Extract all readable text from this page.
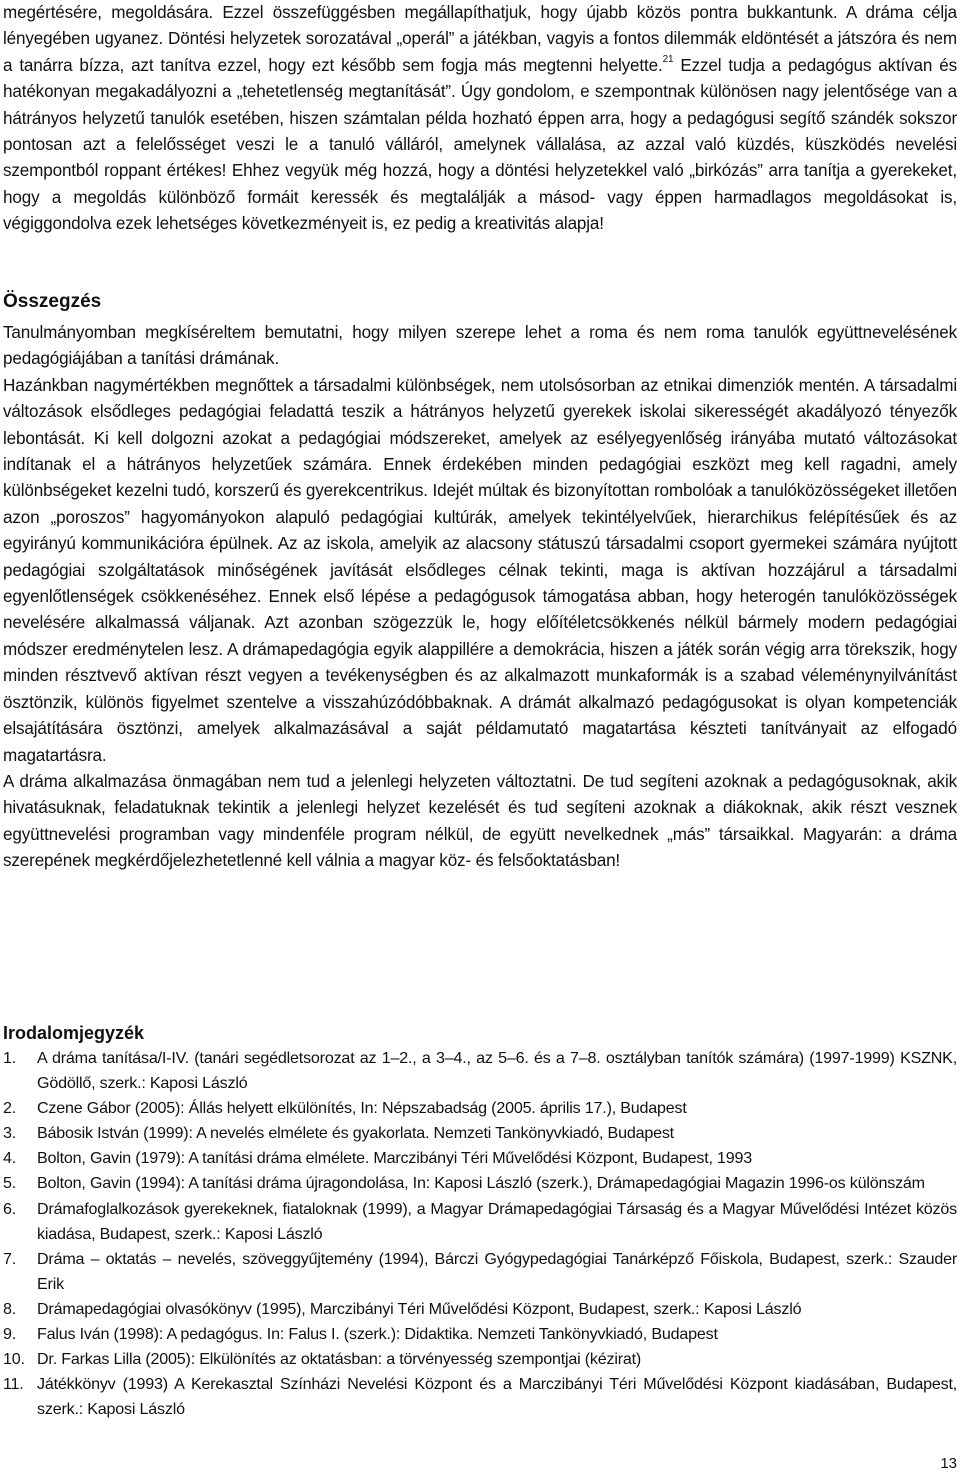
megértésére, megoldására. Ezzel összefüggésben megállapíthatjuk, hogy újabb közös pontra bukkantunk. A dráma célja lényegében ugyanez. Döntési helyzetek sorozatával „operál” a játékban, vagyis a fontos dilemmák eldöntését a játszóra és nem a tanárra bízza, azt tanítva ezzel, hogy ezt később sem fogja más megtenni helyette.$^{21}$ Ezzel tudja a pedagógus aktívan és hatékonyan megakadályozni a „tehetetlenség megtanítását”. Úgy gondolom, e szempontnak különösen nagy jelentősége van a hátrányos helyzetű tanulók esetében, hiszen számtalan példa hozható éppen arra, hogy a pedagógusi segítő szándék sokszor pontosan azt a felelősséget veszi le a tanuló válláról, amelynek vállalása, az azzal való küzdés, küszködés nevelési szempontból roppant értékes! Ehhez vegyük még hozzá, hogy a döntési helyzetekkel való „birkózás” arra tanítja a gyerekeket, hogy a megoldás különböző formáit keressék és megtalálják a másod- vagy éppen harmadlagos megoldásokat is, végiggondolva ezek lehetséges következményeit is, ez pedig a kreativitás alapja!

Összegzés

Tanulmányomban megkíséreltem bemutatni, hogy milyen szerepe lehet a roma és nem roma tanulók együttnevelésének pedagógiájában a tanítási drámának.

Hazánkban nagymértékben megnőttek a társadalmi különbségek, nem utolsósorban az etnikai dimenziók mentén. A társadalmi változások elsődleges pedagógiai feladattá teszik a hátrányos helyzetű gyerekek iskolai sikerességét akadályozó tényezők lebontását. Ki kell dolgozni azokat a pedagógiai módszereket, amelyek az esélyegyenlőség irányába mutató változásokat indítanak el a hátrányos helyzetűek számára. Ennek érdekében minden pedagógiai eszközt meg kell ragadni, amely különbségeket kezelni tudó, korszerű és gyerekcentrikus. Idejét múltak és bizonyítottan rombolóak a tanulóközösségeket illetően azon „poroszos” hagyományokon alapuló pedagógiai kultúrák, amelyek tekintélyelvűek, hierarchikus felépítésűek és az egyirányú kommunikációra épülnek. Az az iskola, amelyik az alacsony státuszú társadalmi csoport gyermekei számára nyújtott pedagógiai szolgáltatások minőségének javítását elsődleges célnak tekinti, maga is aktívan hozzájárul a társadalmi egyenlőtlenségek csökkenéséhez. Ennek első lépése a pedagógusok támogatása abban, hogy heterogén tanulóközösségek nevelésére alkalmassá váljanak. Azt azonban szögezzük le, hogy előítéletcsökkenés nélkül bármely modern pedagógiai módszer eredménytelen lesz. A drámapedagógia egyik alappillére a demokrácia, hiszen a játék során végig arra törekszik, hogy minden résztvevő aktívan részt vegyen a tevékenységben és az alkalmazott munkaformák is a szabad véleménynyilvánítást ösztönzik, különös figyelmet szentelve a visszahúzódóbbaknak. A drámát alkalmazó pedagógusokat is olyan kompetenciák elsajátítására ösztönzi, amelyek alkalmazásával a saját példamutató magatartása készteti tanítványait az elfogadó magatartásra.

A dráma alkalmazása önmagában nem tud a jelenlegi helyzeten változtatni. De tud segíteni azoknak a pedagógusoknak, akik hivatásuknak, feladatuknak tekintik a jelenlegi helyzet kezelését és tud segíteni azoknak a diákoknak, akik részt vesznek együttnevelési programban vagy mindenféle program nélkül, de együtt nevelkednek „más” társaikkal. Magyarán: a dráma szerepének megkérdőjelezhetetlenné kell válnia a magyar köz- és felsőoktatásban!

Irodalomjegyzék
1. A dráma tanítása/I-IV. (tanári segédletsorozat az 1–2., a 3–4., az 5–6. és a 7–8. osztályban tanítók számára) (1997-1999) KSZNK, Gödöllő, szerk.: Kaposi László
2. Czene Gábor (2005): Állás helyett elkülönítés, In: Népszabadság (2005. április 17.), Budapest
3. Bábosik István (1999): A nevelés elmélete és gyakorlata. Nemzeti Tankönyvkiadó, Budapest
4. Bolton, Gavin (1979): A tanítási dráma elmélete. Marczibányi Téri Művelődési Központ, Budapest, 1993
5. Bolton, Gavin (1994): A tanítási dráma újragondolása, In: Kaposi László (szerk.), Drámapedagógiai Magazin 1996-os különszám
6. Drámafoglalkozások gyerekeknek, fiataloknak (1999), a Magyar Drámapedagógiai Társaság és a Magyar Művelődési Intézet közös kiadása, Budapest, szerk.: Kaposi László
7. Dráma – oktatás – nevelés, szöveggyűjtemény (1994), Bárczi Gyógypedagógiai Tanárképző Főiskola, Budapest, szerk.: Szauder Erik
8. Drámapedagógiai olvasókönyv (1995), Marczibányi Téri Művelődési Központ, Budapest, szerk.: Kaposi László
9. Falus Iván (1998): A pedagógus. In: Falus I. (szerk.): Didaktika. Nemzeti Tankönyvkiadó, Budapest
10. Dr. Farkas Lilla (2005): Elkülönítés az oktatásban: a törvényesség szempontjai (kézirat)
11. Játékkönyv (1993) A Kerekasztal Színházi Nevelési Központ és a Marczibányi Téri Művelődési Központ kiadásában, Budapest, szerk.: Kaposi László
13
